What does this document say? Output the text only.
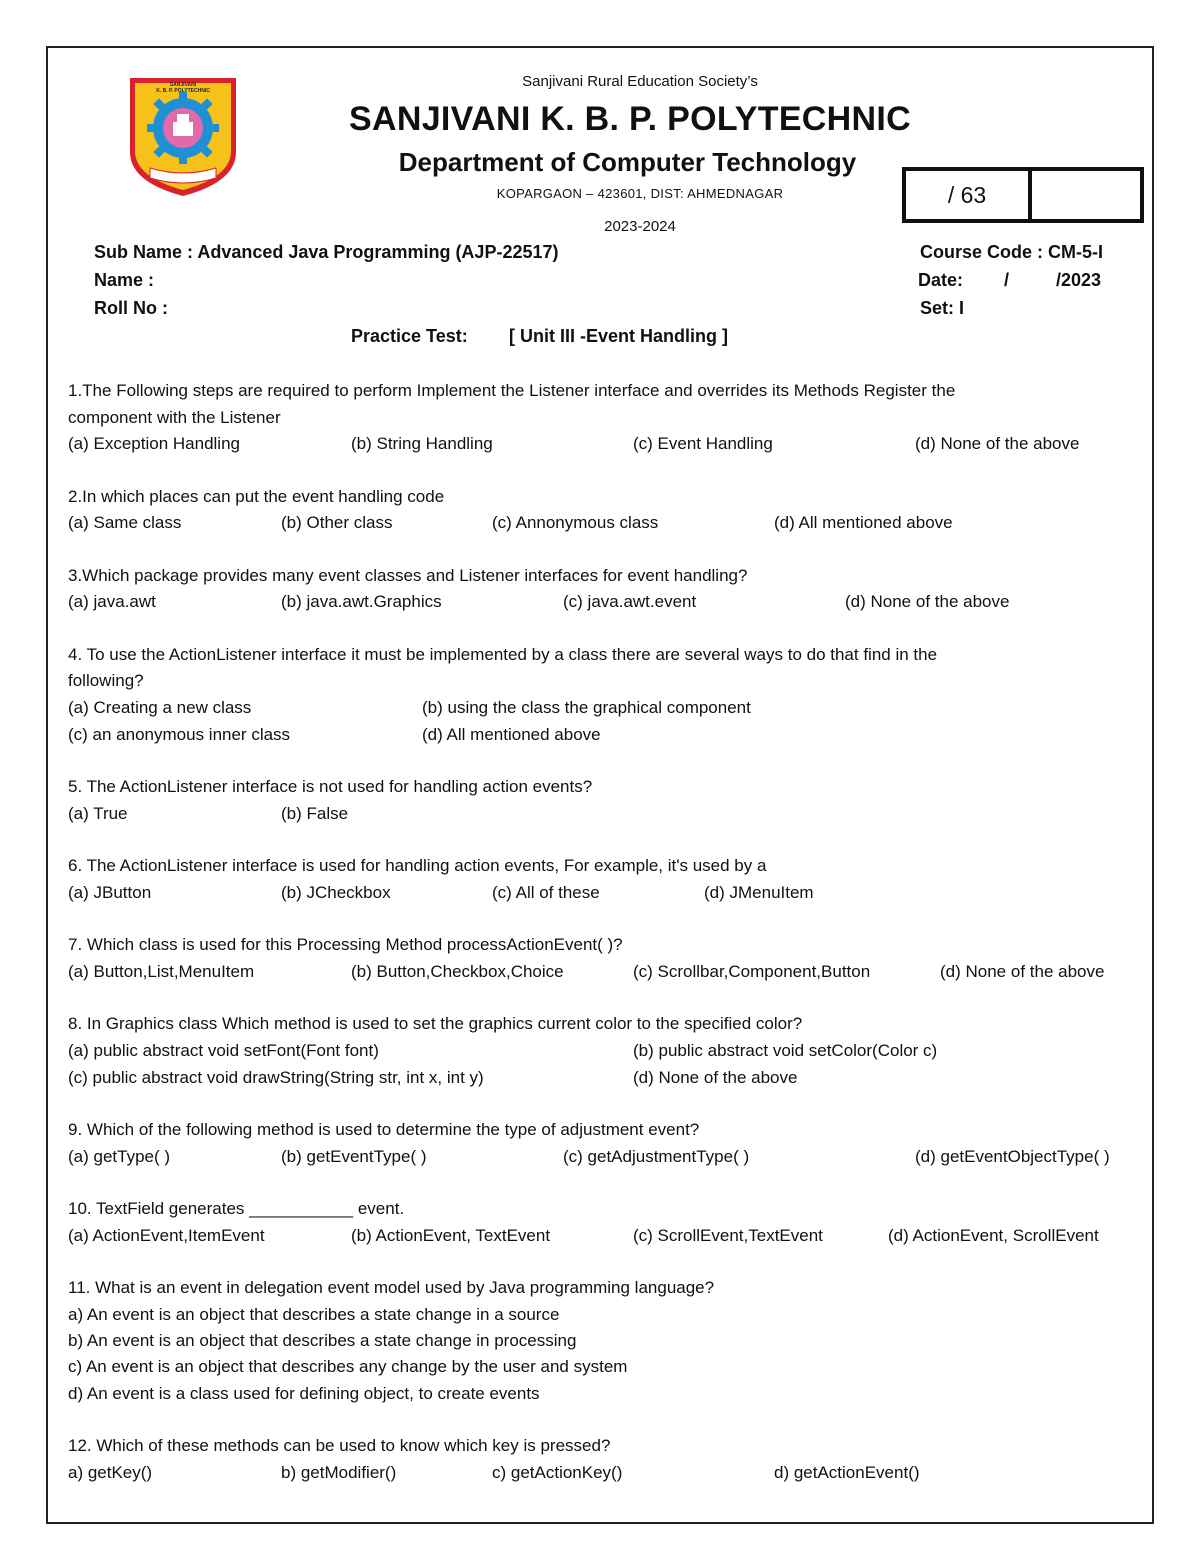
SANJIVANI
K. B. P. POLYTECHNIC
Sanjivani Rural Education Society’s
SANJIVANI K. B. P. POLYTECHNIC
Department of Computer Technology
KOPARGAON – 423601, DIST: AHMEDNAGAR
2023-2024
/ 63
Sub Name : Advanced Java Programming (AJP-22517)	Course Code : CM-5-I
Name :	Date: /	/2023
Roll No :	Set: I
Practice Test: [ Unit III -Event Handling ]
1.The Following steps are required to perform Implement the Listener interface and overrides its Methods Register the
component with the Listener
(a) Exception Handling	(b) String Handling	(c) Event Handling	(d) None of the above
2.In which places can put the event handling code
(a) Same class	(b) Other class	(c) Annonymous class	(d) All mentioned above
3.Which package provides many event classes and Listener interfaces for event handling?
(a) java.awt	(b) java.awt.Graphics	(c) java.awt.event	(d) None of the above
4. To use the ActionListener interface it must be implemented by a class there are several ways to do that find in the
following?
(a) Creating a new class	(b) using the class the graphical component
(c) an anonymous inner class	(d) All mentioned above
5. The ActionListener interface is not used for handling action events?
(a) True	(b) False
6. The ActionListener interface is used for handling action events, For example, it's used by a
(a) JButton	(b) JCheckbox	(c) All of these	(d) JMenuItem
7. Which class is used for this Processing Method processActionEvent( )?
(a) Button,List,MenuItem	(b) Button,Checkbox,Choice	(c) Scrollbar,Component,Button	(d) None of the above
8. In Graphics class Which method is used to set the graphics current color to the specified color?
(a) public abstract void setFont(Font font)	(b) public abstract void setColor(Color c)
(c) public abstract void drawString(String str, int x, int y)	(d) None of the above
9. Which of the following method is used to determine the type of adjustment event?
(a) getType( )	(b) getEventType( )	(c) getAdjustmentType( )	(d) getEventObjectType( )
10. TextField generates ___________ event.
(a) ActionEvent,ItemEvent	(b) ActionEvent, TextEvent	(c) ScrollEvent,TextEvent	(d) ActionEvent, ScrollEvent
11. What is an event in delegation event model used by Java programming language?
a) An event is an object that describes a state change in a source
b) An event is an object that describes a state change in processing
c) An event is an object that describes any change by the user and system
d) An event is a class used for defining object, to create events
12. Which of these methods can be used to know which key is pressed?
a) getKey()	b) getModifier()	c) getActionKey()	d) getActionEvent()
